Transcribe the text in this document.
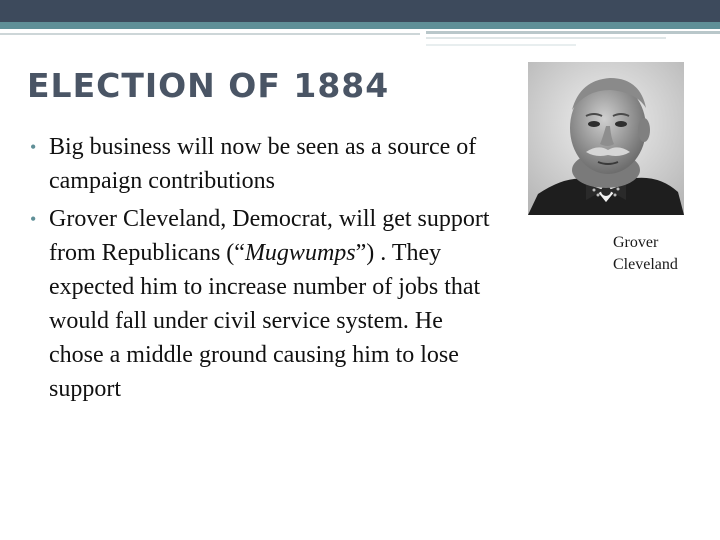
ELECTION OF 1884
• Big business will now be seen as a source of campaign contributions
• Grover Cleveland, Democrat, will get support from Republicans (“Mugwumps”) . They expected him to increase number of jobs that would fall under civil service system. He chose a middle ground causing him to lose support
Grover
Cleveland
